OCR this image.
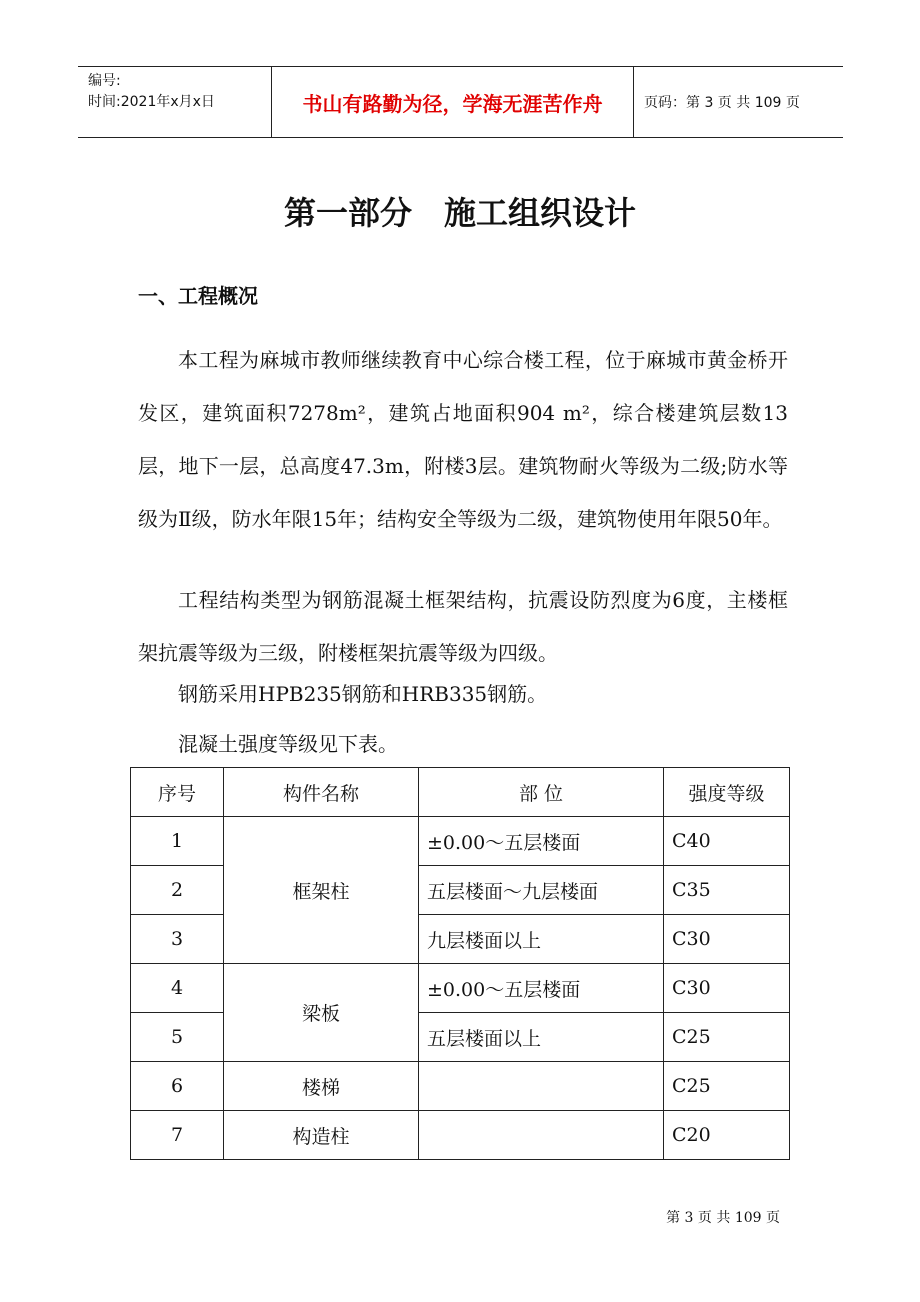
编号:
时间:2021年x月x日	书山有路勤为径，学海无涯苦作舟	页码：第 3 页 共 109 页
第一部分　施工组织设计
一、工程概况

本工程为麻城市教师继续教育中心综合楼工程，位于麻城市黄金桥开发区，建筑面积7278m²，建筑占地面积904 m²，综合楼建筑层数13层，地下一层，总高度47.3m，附楼3层。建筑物耐火等级为二级;防水等级为Ⅱ级，防水年限15年；结构安全等级为二级，建筑物使用年限50年。

工程结构类型为钢筋混凝土框架结构，抗震设防烈度为6度，主楼框架抗震等级为三级，附楼框架抗震等级为四级。

钢筋采用HPB235钢筋和HRB335钢筋。

混凝土强度等级见下表。

序号	构件名称	部 位	强度等级
1	框架柱	±0.00～五层楼面	C40
2		五层楼面～九层楼面	C35
3		九层楼面以上	C30
4	梁板	±0.00～五层楼面	C30
5		五层楼面以上	C25
6	楼梯		C25
7	构造柱		C20
第 3 页 共 109 页
